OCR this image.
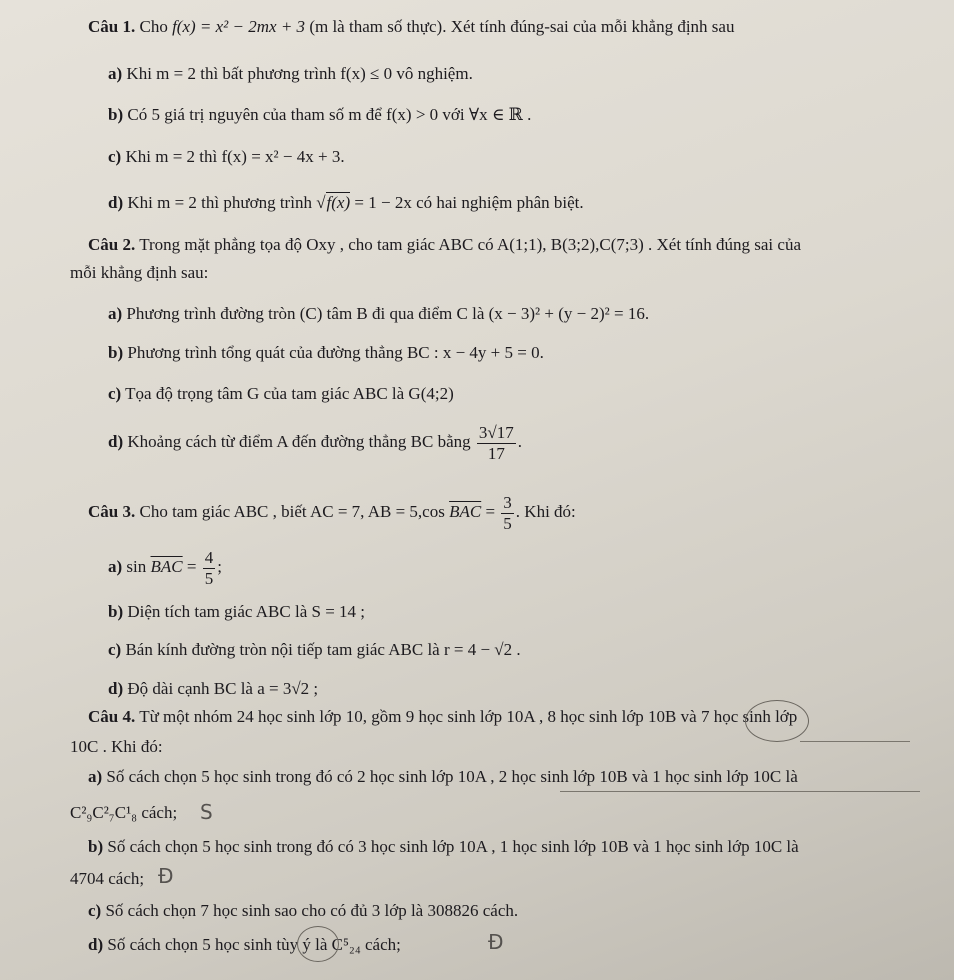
Câu 1. Cho f(x) = x² − 2mx + 3 (m là tham số thực). Xét tính đúng-sai của mỗi khẳng định sau
a) Khi m = 2 thì bất phương trình f(x) ≤ 0 vô nghiệm.
b) Có 5 giá trị nguyên của tham số m để f(x) > 0 với ∀x ∈ ℝ .
c) Khi m = 2 thì f(x) = x² − 4x + 3.
d) Khi m = 2 thì phương trình √f(x) = 1 − 2x có hai nghiệm phân biệt.
Câu 2. Trong mặt phẳng tọa độ Oxy , cho tam giác ABC có A(1;1), B(3;2),C(7;3) . Xét tính đúng sai của
mỗi khẳng định sau:
a) Phương trình đường tròn (C) tâm B đi qua điểm C là (x − 3)² + (y − 2)² = 16.
b) Phương trình tổng quát của đường thẳng BC : x − 4y + 5 = 0.
c) Tọa độ trọng tâm G của tam giác ABC là G(4;2)
d) Khoảng cách từ điểm A đến đường thẳng BC bằng $\frac{3√17}{17}$ .
Câu 3. Cho tam giác ABC , biết AC = 7, AB = 5,cos $\overline{BAC} = \frac{3}{5}$ . Khi đó:
a) $\sin \overline{BAC} = \frac{4}{5}$ ;
b) Diện tích tam giác ABC là S = 14 ;
c) Bán kính đường tròn nội tiếp tam giác ABC là r = 4 − √2 .
d) Độ dài cạnh BC là a = 3√2 ;
Câu 4. Từ một nhóm 24 học sinh lớp 10, gồm 9 học sinh lớp 10A , 8 học sinh lớp 10B và 7 học sinh lớp
10C . Khi đó:
a) Số cách chọn 5 học sinh trong đó có 2 học sinh lớp 10A , 2 học sinh lớp 10B và 1 học sinh lớp 10C là
C²₉C²₇C¹₈ cách;
b) Số cách chọn 5 học sinh trong đó có 3 học sinh lớp 10A , 1 học sinh lớp 10B và 1 học sinh lớp 10C là
4704 cách;
c) Số cách chọn 7 học sinh sao cho có đủ 3 lớp là 308826 cách.
d) Số cách chọn 5 học sinh tùy ý là C⁵₂₄ cách;
S
Đ
Đ
